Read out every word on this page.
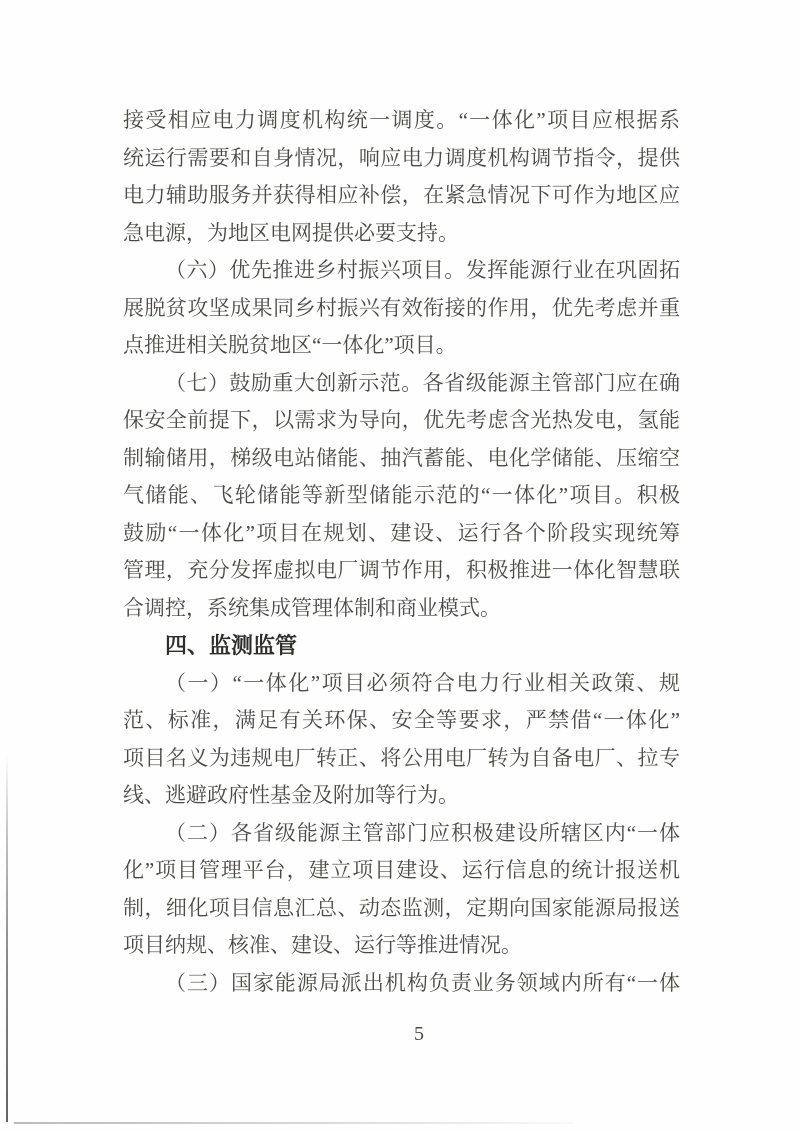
接受相应电力调度机构统一调度。“一体化”项目应根据系
统运行需要和自身情况，响应电力调度机构调节指令，提供
电力辅助服务并获得相应补偿，在紧急情况下可作为地区应
急电源，为地区电网提供必要支持。
（六）优先推进乡村振兴项目。发挥能源行业在巩固拓
展脱贫攻坚成果同乡村振兴有效衔接的作用，优先考虑并重
点推进相关脱贫地区“一体化”项目。
（七）鼓励重大创新示范。各省级能源主管部门应在确
保安全前提下，以需求为导向，优先考虑含光热发电，氢能
制输储用，梯级电站储能、抽汽蓄能、电化学储能、压缩空
气储能、飞轮储能等新型储能示范的“一体化”项目。积极
鼓励“一体化”项目在规划、建设、运行各个阶段实现统筹
管理，充分发挥虚拟电厂调节作用，积极推进一体化智慧联
合调控，系统集成管理体制和商业模式。
四、监测监管
（一）“一体化”项目必须符合电力行业相关政策、规
范、标准，满足有关环保、安全等要求，严禁借“一体化”
项目名义为违规电厂转正、将公用电厂转为自备电厂、拉专
线、逃避政府性基金及附加等行为。
（二）各省级能源主管部门应积极建设所辖区内“一体
化”项目管理平台，建立项目建设、运行信息的统计报送机
制，细化项目信息汇总、动态监测，定期向国家能源局报送
项目纳规、核准、建设、运行等推进情况。
（三）国家能源局派出机构负责业务领域内所有“一体
5
